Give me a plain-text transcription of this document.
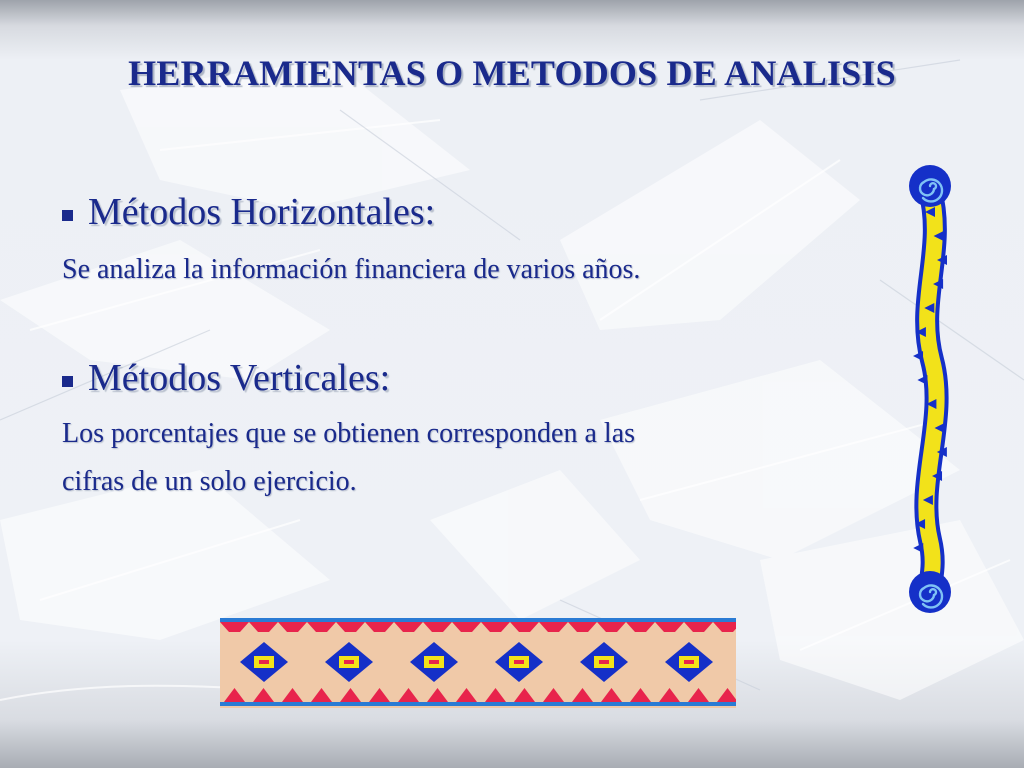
HERRAMIENTAS O METODOS DE ANALISIS
Métodos Horizontales:
Se analiza la información financiera de varios años.
Métodos Verticales:
Los porcentajes que se obtienen corresponden a las
cifras de un solo ejercicio.
